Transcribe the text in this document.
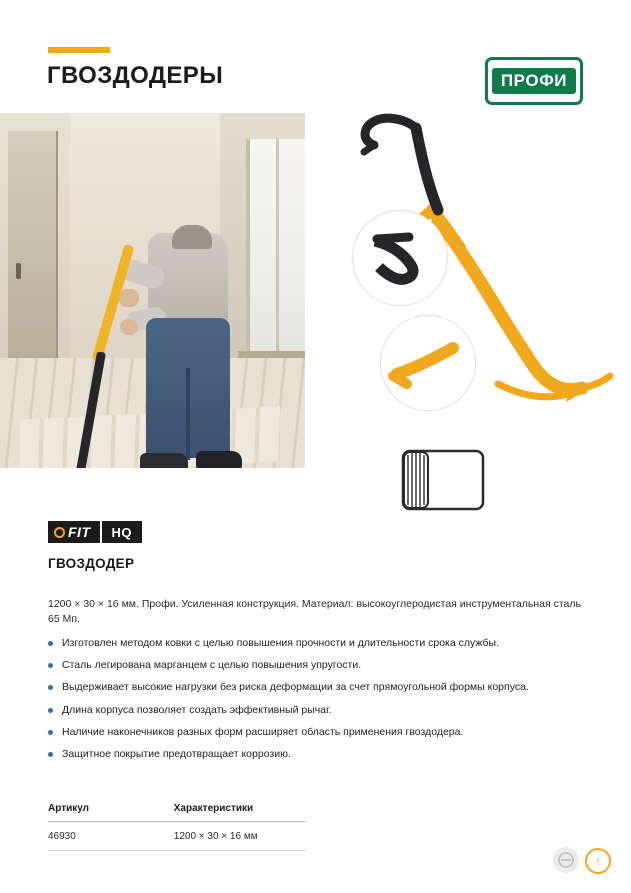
ГВОЗДОДЕРЫ	ПРОФИ
FIT HQ
ГВОЗДОДЕР

1200 × 30 × 16 мм. Профи. Усиленная конструкция. Материал: высокоуглеродистая инструментальная сталь 65 Мп.

Изготовлен методом ковки с целью повышения прочности и длительности срока службы.
Сталь легирована марганцем с целью повышения упругости.
Выдерживает высокие нагрузки без риска деформации за счет прямоугольной формы корпуса.
Длина корпуса позволяет создать эффективный рычаг.
Наличие наконечников разных форм расширяет область применения гвоздодера.
Защитное покрытие предотвращает коррозию.
Артикул	Характеристики
46930	1200 × 30 × 16 мм
↑
